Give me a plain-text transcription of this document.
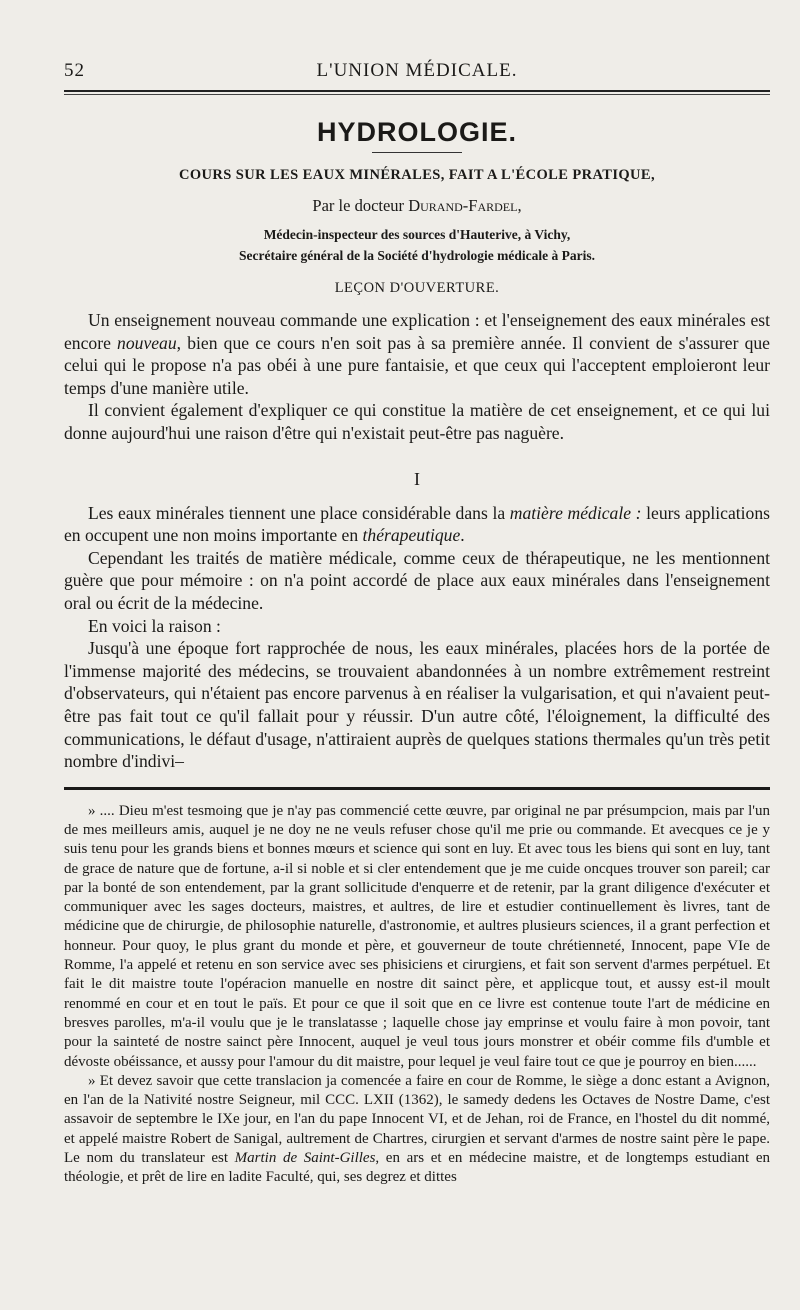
52	L'UNION MÉDICALE.
HYDROLOGIE.
COURS SUR LES EAUX MINÉRALES, FAIT A L'ÉCOLE PRATIQUE,
Par le docteur Durand-Fardel,
Médecin-inspecteur des sources d'Hauterive, à Vichy,
Secrétaire général de la Société d'hydrologie médicale à Paris.
LEÇON D'OUVERTURE.

Un enseignement nouveau commande une explication : et l'enseignement des eaux minérales est encore nouveau, bien que ce cours n'en soit pas à sa première année. Il convient de s'assurer que celui qui le propose n'a pas obéi à une pure fantaisie, et que ceux qui l'acceptent emploieront leur temps d'une manière utile.

Il convient également d'expliquer ce qui constitue la matière de cet enseignement, et ce qui lui donne aujourd'hui une raison d'être qui n'existait peut-être pas naguère.

I

Les eaux minérales tiennent une place considérable dans la matière médicale : leurs applications en occupent une non moins importante en thérapeutique.

Cependant les traités de matière médicale, comme ceux de thérapeutique, ne les mentionnent guère que pour mémoire : on n'a point accordé de place aux eaux minérales dans l'enseignement oral ou écrit de la médecine.

En voici la raison :

Jusqu'à une époque fort rapprochée de nous, les eaux minérales, placées hors de la portée de l'immense majorité des médecins, se trouvaient abandonnées à un nombre extrêmement restreint d'observateurs, qui n'étaient pas encore parvenus à en réaliser la vulgarisation, et qui n'avaient peut-être pas fait tout ce qu'il fallait pour y réussir. D'un autre côté, l'éloignement, la difficulté des communications, le défaut d'usage, n'attiraient auprès de quelques stations thermales qu'un très petit nombre d'indivi–

» .... Dieu m'est tesmoing que je n'ay pas commencié cette œuvre, par original ne par présumpcion, mais par l'un de mes meilleurs amis, auquel je ne doy ne ne veuls refuser chose qu'il me prie ou commande. Et avecques ce je y suis tenu pour les grands biens et bonnes mœurs et science qui sont en luy. Et avec tous les biens qui sont en luy, tant de grace de nature que de fortune, a-il si noble et si cler entendement que je me cuide oncques trouver son pareil; car par la bonté de son entendement, par la grant sollicitude d'enquerre et de retenir, par la grant diligence d'exécuter et communiquer avec les sages docteurs, maistres, et aultres, de lire et estudier continuellement ès livres, tant de médicine que de chirurgie, de philosophie naturelle, d'astronomie, et aultres plusieurs sciences, il a grant perfection et honneur. Pour quoy, le plus grant du monde et père, et gouverneur de toute chrétienneté, Innocent, pape VIe de Romme, l'a appelé et retenu en son service avec ses phisiciens et cirurgiens, et fait son servent d'armes perpétuel. Et fait le dit maistre toute l'opéracion manuelle en nostre dit sainct père, et applicque tout, et aussy est-il moult renommé en cour et en tout le païs. Et pour ce que il soit que en ce livre est contenue toute l'art de médicine en bresves parolles, m'a-il voulu que je le translatasse ; laquelle chose jay emprinse et voulu faire à mon povoir, tant pour la sainteté de nostre sainct père Innocent, auquel je veul tous jours monstrer et obéir comme fils d'umble et dévoste obéissance, et aussy pour l'amour du dit maistre, pour lequel je veul faire tout ce que je pourroy en bien......

» Et devez savoir que cette translacion ja comencée a faire en cour de Romme, le siège a donc estant a Avignon, en l'an de la Nativité nostre Seigneur, mil CCC. LXII (1362), le samedy dedens les Octaves de Nostre Dame, c'est assavoir de septembre le IXe jour, en l'an du pape Innocent VI, et de Jehan, roi de France, en l'hostel du dit nommé, et appelé maistre Robert de Sanigal, aultrement de Chartres, cirurgien et servant d'armes de nostre saint père le pape. Le nom du translateur est Martin de Saint-Gilles, en ars et en médecine maistre, et de longtemps estudiant en théologie, et prêt de lire en ladite Faculté, qui, ses degrez et dittes
